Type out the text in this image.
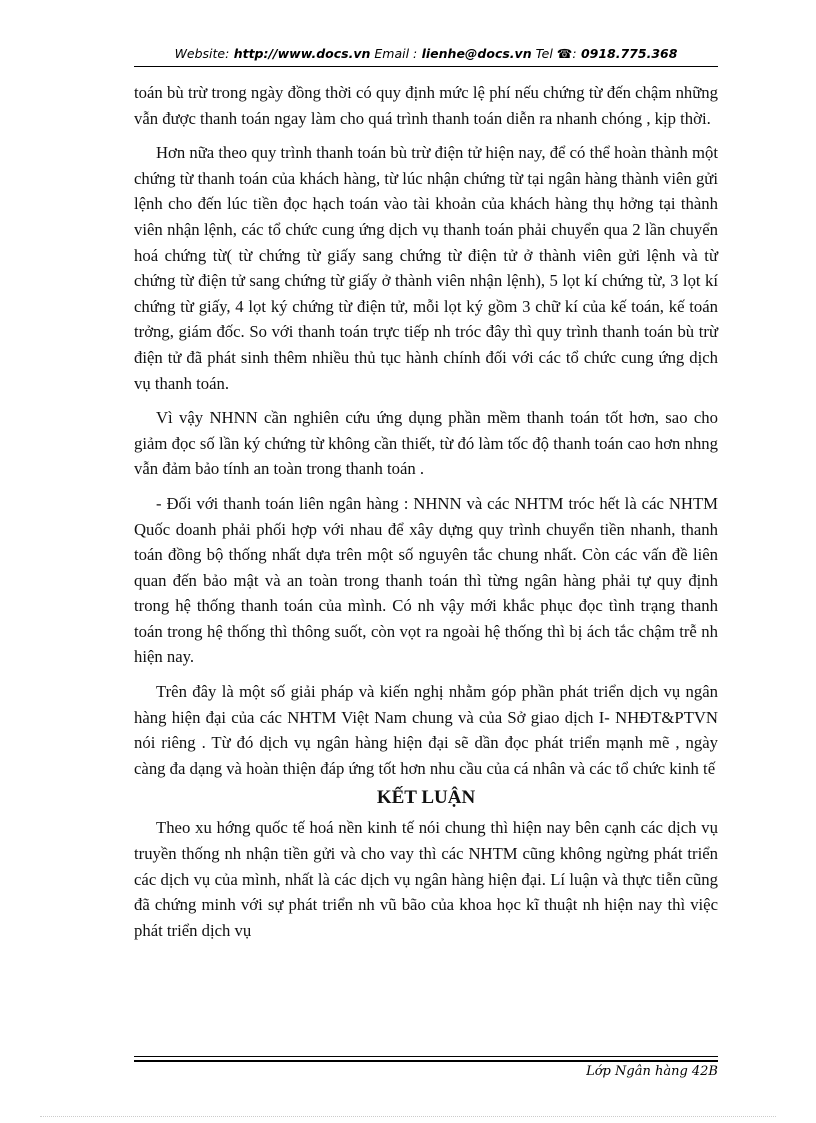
Website: http://www.docs.vn Email : lienhe@docs.vn Tel ☎: 0918.775.368

toán bù trừ trong ngày đồng thời có quy định mức lệ phí nếu chứng từ đến chậm những vẫn được thanh toán ngay làm cho quá trình thanh toán diễn ra nhanh chóng , kịp thời.

Hơn nữa theo quy trình thanh toán bù trừ điện tử hiện nay, để có thể hoàn thành một chứng từ thanh toán của khách hàng, từ lúc nhận chứng từ tại ngân hàng thành viên gửi lệnh cho đến lúc tiền đọc hạch toán vào tài khoản của khách hàng thụ hởng tại thành viên nhận lệnh, các tổ chức cung ứng dịch vụ thanh toán phải chuyển qua 2 lần chuyển hoá chứng từ( từ chứng từ giấy sang chứng từ điện tử ở thành viên gửi lệnh và từ chứng từ điện tử sang chứng từ giấy ở thành viên nhận lệnh), 5 lọt kí chứng từ, 3 lọt kí chứng từ giấy, 4 lọt ký chứng từ điện tử, mỗi lọt ký gồm 3 chữ kí của kế toán, kế toán trởng, giám đốc. So với thanh toán trực tiếp nh tróc đây thì quy trình thanh toán bù trừ điện tử đã phát sinh thêm nhiều thủ tục hành chính đối với các tổ chức cung ứng dịch vụ thanh toán.

Vì vậy NHNN cần nghiên cứu ứng dụng phần mềm thanh toán tốt hơn, sao cho giảm đọc số lần ký chứng từ không cần thiết, từ đó làm tốc độ thanh toán cao hơn nhng vẫn đảm bảo tính an toàn trong thanh toán .

- Đối với thanh toán liên ngân hàng : NHNN và các NHTM tróc hết là các NHTM Quốc doanh phải phối hợp với nhau để xây dựng quy trình chuyển tiền nhanh, thanh toán đồng bộ thống nhất dựa trên một số nguyên tắc chung nhất. Còn các vấn đề liên quan đến bảo mật và an toàn trong thanh toán thì từng ngân hàng phải tự quy định trong hệ thống thanh toán của mình. Có nh vậy mới khắc phục đọc tình trạng thanh toán trong hệ thống thì thông suốt, còn vọt ra ngoài hệ thống thì bị ách tắc chậm trễ nh hiện nay.

Trên đây là một số giải pháp và kiến nghị nhằm góp phần phát triển dịch vụ ngân hàng hiện đại của các NHTM Việt Nam chung và của Sở giao dịch I- NHĐT&PTVN nói riêng . Từ đó dịch vụ ngân hàng hiện đại sẽ dần đọc phát triển mạnh mẽ , ngày càng đa dạng và hoàn thiện đáp ứng tốt hơn nhu cầu của cá nhân và các tổ chức kinh tế

KẾT LUẬN

Theo xu hớng quốc tế hoá nền kinh tế nói chung thì hiện nay bên cạnh các dịch vụ truyền thống nh nhận tiền gửi và cho vay thì các NHTM cũng không ngừng phát triển các dịch vụ của mình, nhất là các dịch vụ ngân hàng hiện đại. Lí luận và thực tiễn cũng đã chứng minh với sự phát triển nh vũ bão của khoa học kĩ thuật nh hiện nay thì việc phát triển dịch vụ

Lớp Ngân hàng 42B
